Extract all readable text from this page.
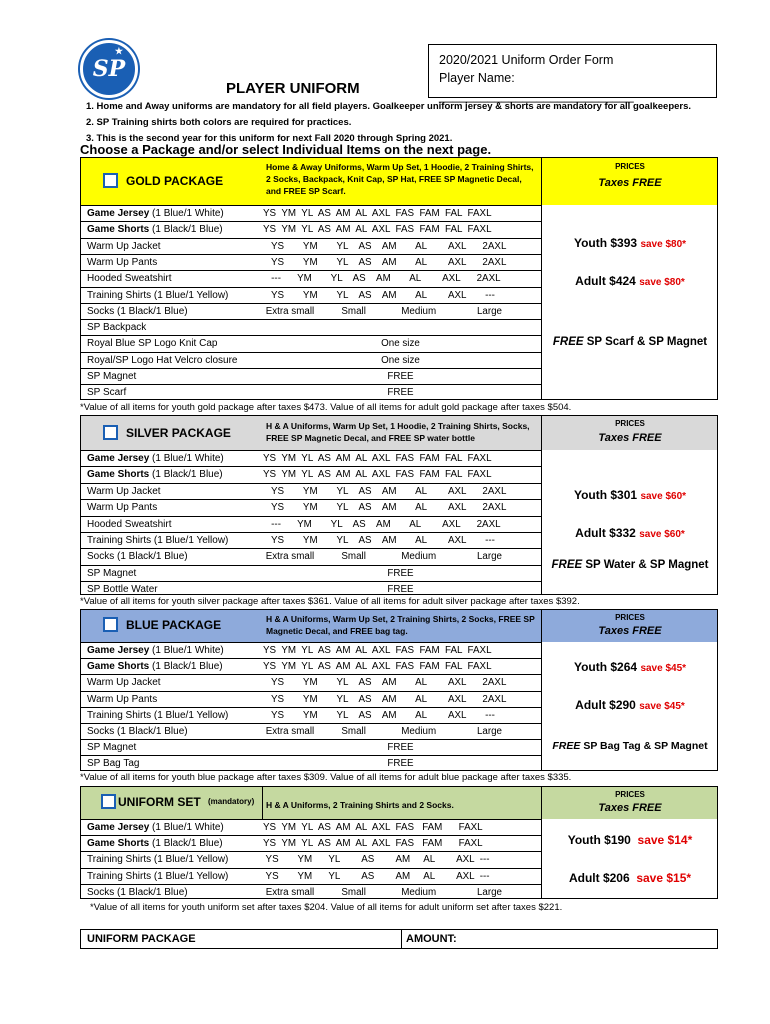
★
SP	2020/2021 Uniform Order Form
Player Name: ____________________________
PLAYER UNIFORM
1. Home and Away uniforms are mandatory for all field players. Goalkeeper uniform jersey & shorts are mandatory for all goalkeepers.
2. SP Training shirts both colors are required for practices.
3. This is the second year for this uniform for next Fall 2020 through Spring 2021.
Choose a Package and/or select Individual Items on the next page.
GOLD PACKAGE
Home & Away Uniforms, Warm Up Set, 1 Hoodie, 2 Training Shirts, 2 Socks, Backpack, Knit Cap, SP Hat, FREE SP Magnetic Decal, and FREE SP Scarf.
PRICES
Taxes FREE
Game Jersey (1 Blue/1 White)	YS  YM  YL  AS  AM  AL  AXL  FAS  FAM  FAL  FAXL
Game Shorts (1 Black/1 Blue)	YS  YM  YL  AS  AM  AL  AXL  FAS  FAM  FAL  FAXL
Warm Up Jacket	YS       YM       YL    AS    AM       AL        AXL      2AXL
Warm Up Pants	YS       YM       YL    AS    AM       AL        AXL      2AXL
Hooded Sweatshirt	---      YM       YL    AS    AM       AL        AXL      2AXL
Training Shirts (1 Blue/1 Yellow)	YS       YM       YL    AS    AM       AL        AXL       ---
Socks (1 Black/1 Blue)	Extra small          Small             Medium               Large
SP Backpack
Royal Blue SP Logo Knit Cap	One size
Royal/SP Logo Hat Velcro closure	One size
SP Magnet	FREE
SP Scarf	FREE
Youth $393 save $80*
Adult $424 save $80*
FREE SP Scarf & SP Magnet
*Value of all items for youth gold package after taxes $473. Value of all items for adult gold package after taxes $504.
SILVER PACKAGE	H & A Uniforms, Warm Up Set, 1 Hoodie, 2 Training Shirts, Socks, FREE SP Magnetic Decal, and FREE SP water bottle
PRICES
Taxes FREE
Game Jersey (1 Blue/1 White)	YS  YM  YL  AS  AM  AL  AXL  FAS  FAM  FAL  FAXL
Game Shorts (1 Black/1 Blue)	YS  YM  YL  AS  AM  AL  AXL  FAS  FAM  FAL  FAXL
Warm Up Jacket	YS       YM       YL    AS    AM       AL        AXL      2AXL
Warm Up Pants	YS       YM       YL    AS    AM       AL        AXL      2AXL
Hooded Sweatshirt	---      YM       YL    AS    AM       AL        AXL      2AXL
Training Shirts (1 Blue/1 Yellow)	YS       YM       YL    AS    AM       AL        AXL       ---
Socks (1 Black/1 Blue)	Extra small          Small             Medium               Large
SP Magnet	FREE
SP Bottle Water	FREE
Youth $301 save $60*
Adult $332 save $60*
FREE SP Water & SP Magnet
*Value of all items for youth silver package after taxes $361. Value of all items for adult silver package after taxes $392.
BLUE PACKAGE	H & A Uniforms, Warm Up Set, 2 Training Shirts, 2 Socks, FREE SP Magnetic Decal, and FREE bag tag.
PRICES
Taxes FREE
Game Jersey (1 Blue/1 White)	YS  YM  YL  AS  AM  AL  AXL  FAS  FAM  FAL  FAXL
Game Shorts (1 Black/1 Blue)	YS  YM  YL  AS  AM  AL  AXL  FAS  FAM  FAL  FAXL
Warm Up Jacket	YS       YM       YL    AS    AM       AL        AXL      2AXL
Warm Up Pants	YS       YM       YL    AS    AM       AL        AXL      2AXL
Training Shirts (1 Blue/1 Yellow)	YS       YM       YL    AS    AM       AL        AXL       ---
Socks (1 Black/1 Blue)	Extra small          Small             Medium               Large
SP Magnet	FREE
SP Bag Tag	FREE
Youth $264 save $45*
Adult $290 save $45*
FREE SP Bag Tag & SP Magnet
*Value of all items for youth blue package after taxes $309. Value of all items for adult blue package after taxes $335.
UNIFORM SET
(mandatory) H & A Uniforms, 2 Training Shirts and 2 Socks.
PRICES
Taxes FREE
Game Jersey (1 Blue/1 White)	YS  YM  YL  AS  AM  AL  AXL  FAS   FAM      FAXL
Game Shorts (1 Black/1 Blue)	YS  YM  YL  AS  AM  AL  AXL  FAS   FAM      FAXL
Training Shirts (1 Blue/1 Yellow)	YS       YM      YL        AS        AM     AL        AXL  ---
Training Shirts (1 Blue/1 Yellow)	YS       YM      YL        AS        AM     AL        AXL  ---
Socks (1 Black/1 Blue)	Extra small          Small             Medium               Large
Youth $190 save $14*
Adult $206 save $15*
*Value of all items for youth uniform set after taxes $204. Value of all items for adult uniform set after taxes $221.
UNIFORM PACKAGE	AMOUNT:
